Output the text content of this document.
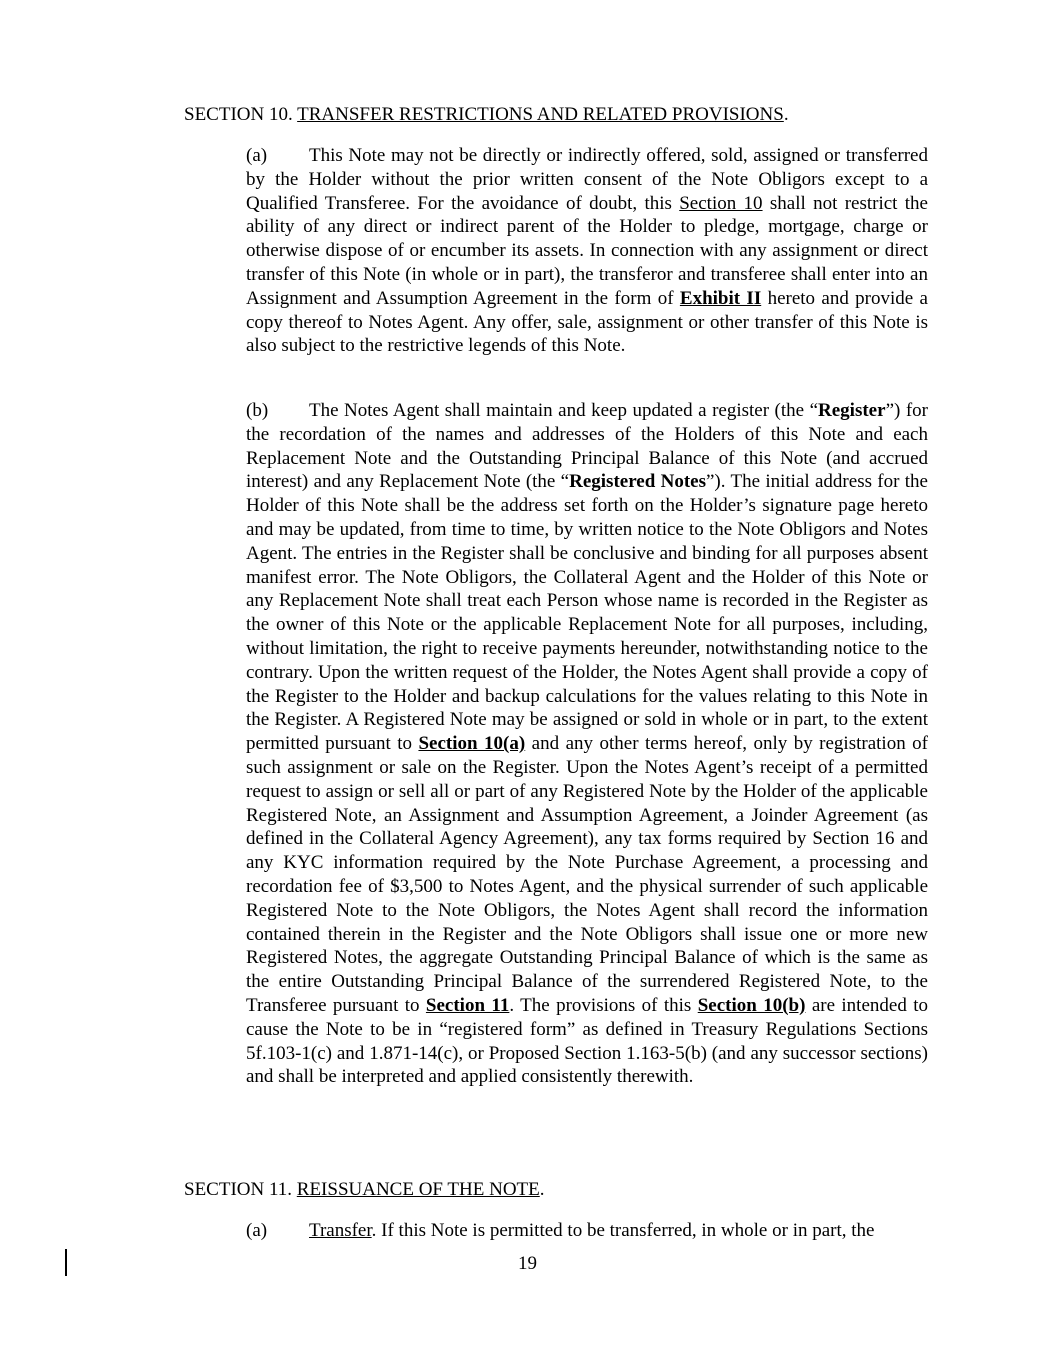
SECTION 10. TRANSFER RESTRICTIONS AND RELATED PROVISIONS.
(a) This Note may not be directly or indirectly offered, sold, assigned or transferred by the Holder without the prior written consent of the Note Obligors except to a Qualified Transferee. For the avoidance of doubt, this Section 10 shall not restrict the ability of any direct or indirect parent of the Holder to pledge, mortgage, charge or otherwise dispose of or encumber its assets. In connection with any assignment or direct transfer of this Note (in whole or in part), the transferor and transferee shall enter into an Assignment and Assumption Agreement in the form of Exhibit II hereto and provide a copy thereof to Notes Agent. Any offer, sale, assignment or other transfer of this Note is also subject to the restrictive legends of this Note.
(b) The Notes Agent shall maintain and keep updated a register (the “Register”) for the recordation of the names and addresses of the Holders of this Note and each Replacement Note and the Outstanding Principal Balance of this Note (and accrued interest) and any Replacement Note (the “Registered Notes”). The initial address for the Holder of this Note shall be the address set forth on the Holder’s signature page hereto and may be updated, from time to time, by written notice to the Note Obligors and Notes Agent. The entries in the Register shall be conclusive and binding for all purposes absent manifest error. The Note Obligors, the Collateral Agent and the Holder of this Note or any Replacement Note shall treat each Person whose name is recorded in the Register as the owner of this Note or the applicable Replacement Note for all purposes, including, without limitation, the right to receive payments hereunder, notwithstanding notice to the contrary. Upon the written request of the Holder, the Notes Agent shall provide a copy of the Register to the Holder and backup calculations for the values relating to this Note in the Register. A Registered Note may be assigned or sold in whole or in part, to the extent permitted pursuant to Section 10(a) and any other terms hereof, only by registration of such assignment or sale on the Register. Upon the Notes Agent’s receipt of a permitted request to assign or sell all or part of any Registered Note by the Holder of the applicable Registered Note, an Assignment and Assumption Agreement, a Joinder Agreement (as defined in the Collateral Agency Agreement), any tax forms required by Section 16 and any KYC information required by the Note Purchase Agreement, a processing and recordation fee of $3,500 to Notes Agent, and the physical surrender of such applicable Registered Note to the Note Obligors, the Notes Agent shall record the information contained therein in the Register and the Note Obligors shall issue one or more new Registered Notes, the aggregate Outstanding Principal Balance of which is the same as the entire Outstanding Principal Balance of the surrendered Registered Note, to the Transferee pursuant to Section 11. The provisions of this Section 10(b) are intended to cause the Note to be in “registered form” as defined in Treasury Regulations Sections 5f.103-1(c) and 1.871-14(c), or Proposed Section 1.163-5(b) (and any successor sections) and shall be interpreted and applied consistently therewith.
SECTION 11. REISSUANCE OF THE NOTE.
(a) Transfer. If this Note is permitted to be transferred, in whole or in part, the
19
